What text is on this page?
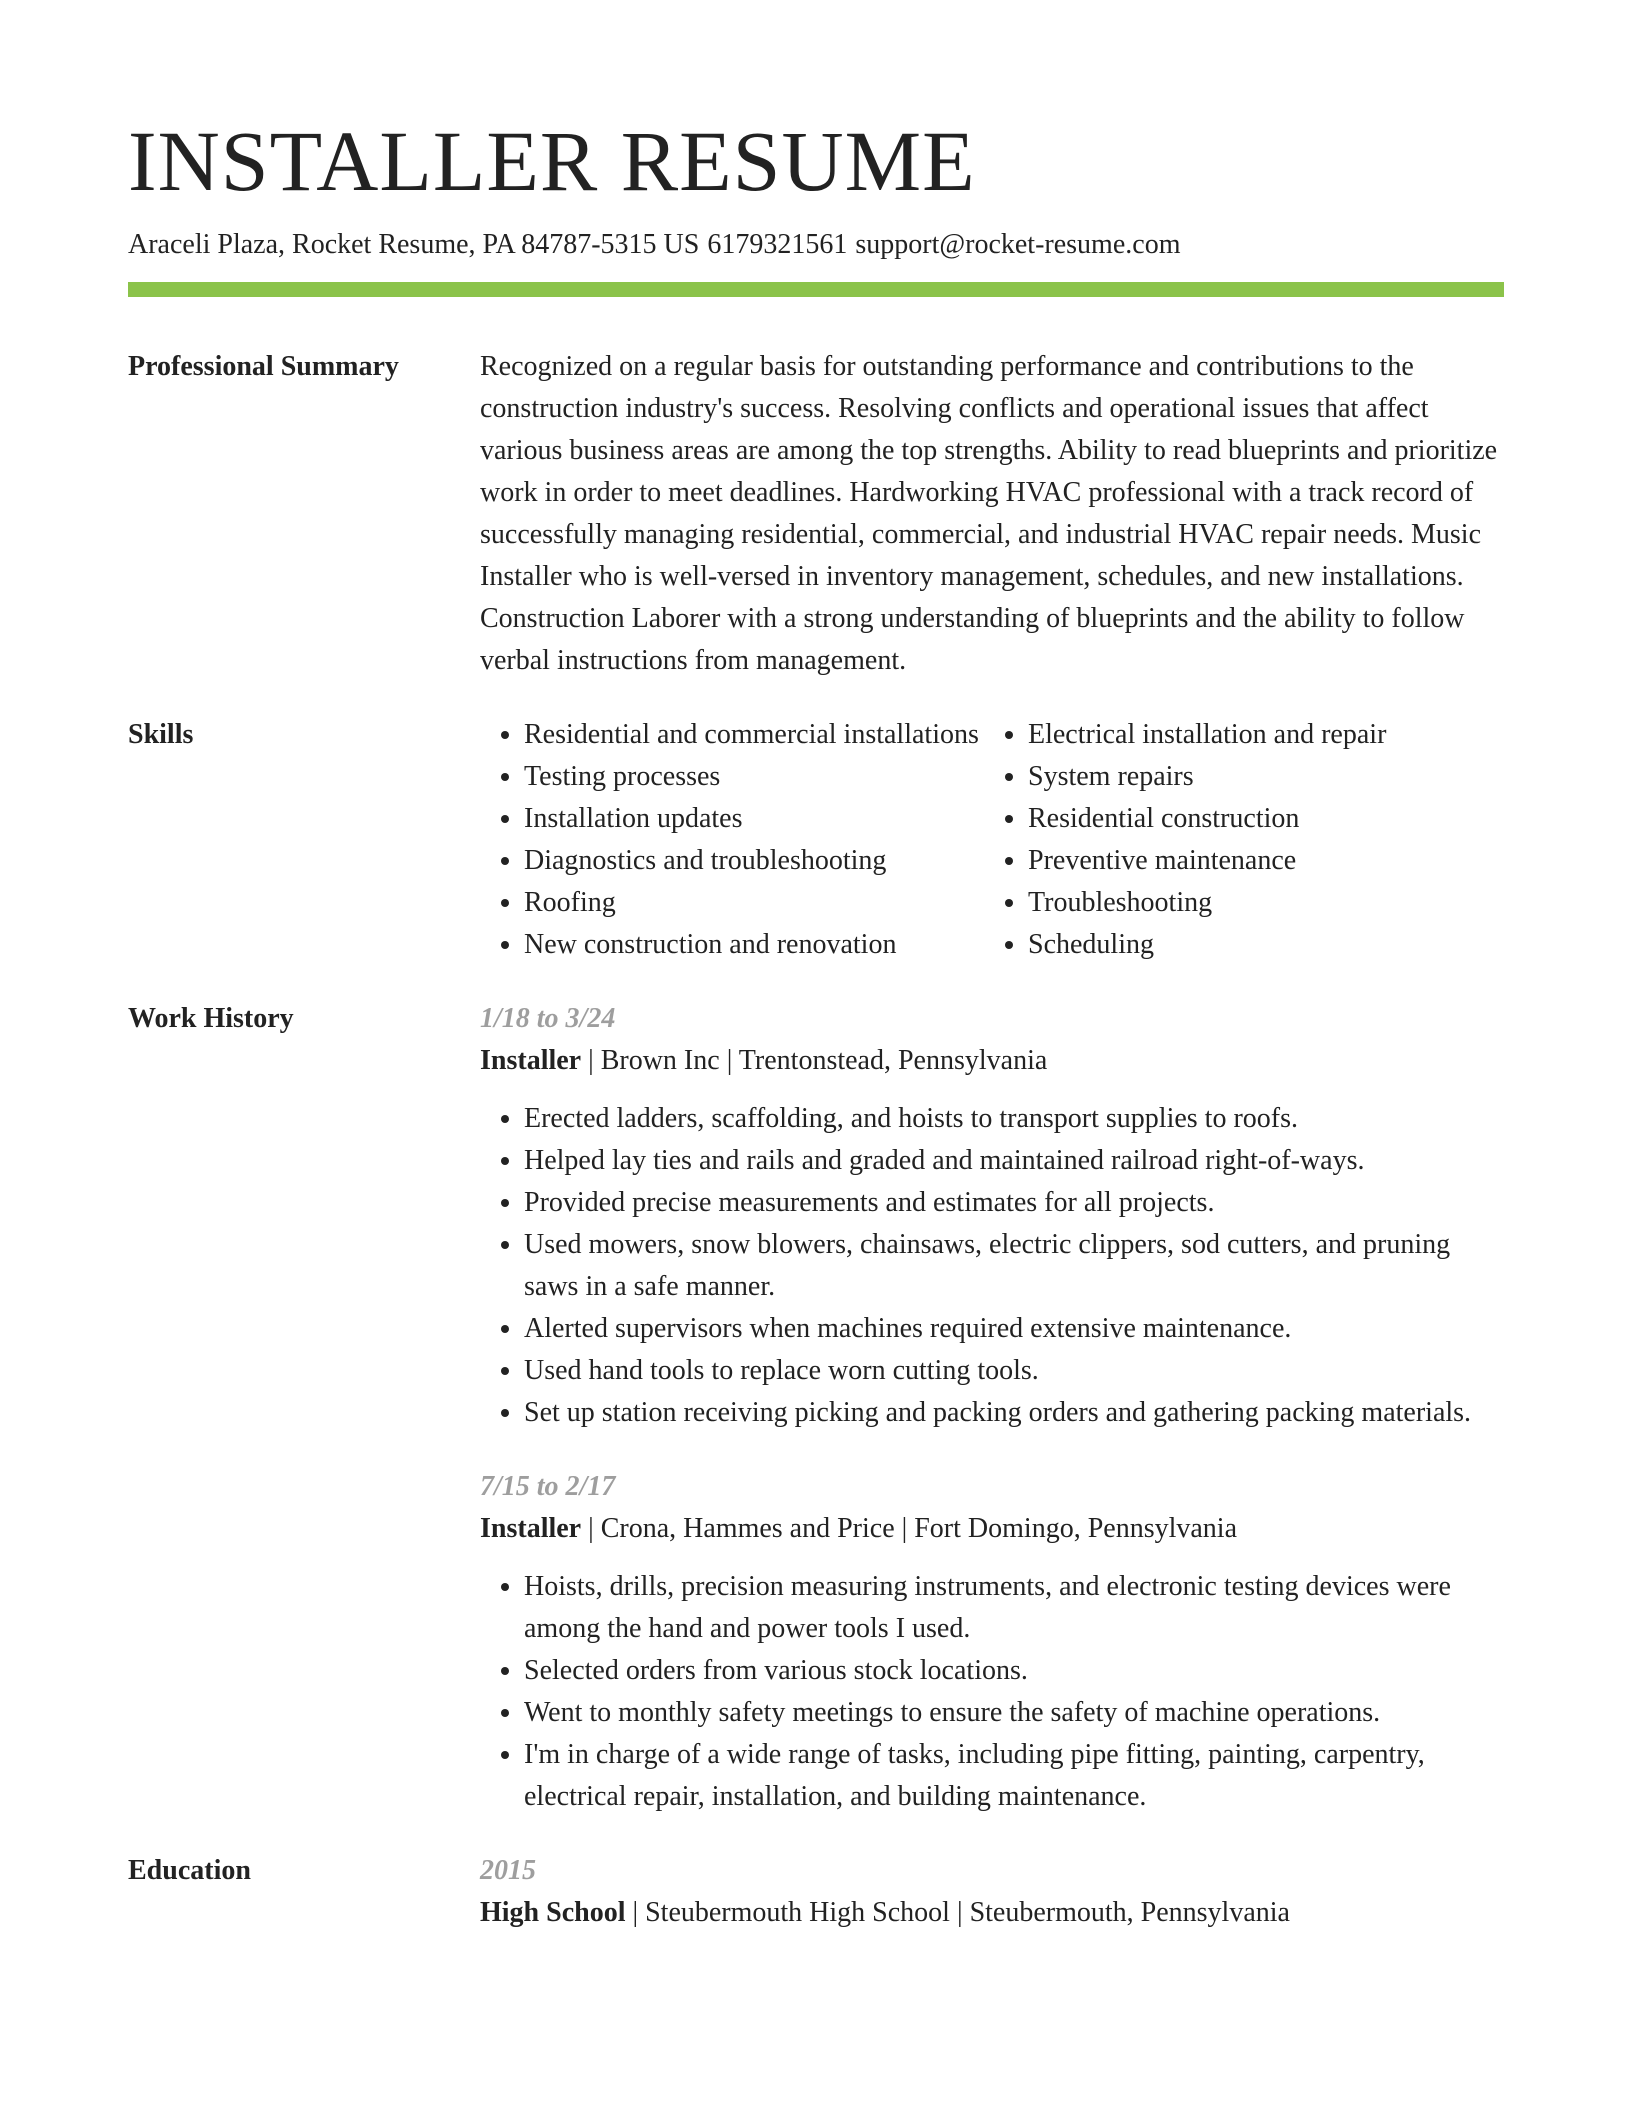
INSTALLER RESUME
Araceli Plaza, Rocket Resume, PA 84787-5315 US 6179321561 support@rocket-resume.com
Professional Summary	Recognized on a regular basis for outstanding performance and contributions to the construction industry's success. Resolving conflicts and operational issues that affect various business areas are among the top strengths. Ability to read blueprints and prioritize work in order to meet deadlines. Hardworking HVAC professional with a track record of successfully managing residential, commercial, and industrial HVAC repair needs. Music Installer who is well-versed in inventory management, schedules, and new installations. Construction Laborer with a strong understanding of blueprints and the ability to follow verbal instructions from management.
Skills
•	Residential and commercial installations
• Testing processes
• Installation updates
• Diagnostics and troubleshooting
• Roofing
• New construction and renovation
• Electrical installation and repair
• System repairs
• Residential construction
• Preventive maintenance
• Troubleshooting
• Scheduling
Work History	1/18 to 3/24
Installer | Brown Inc | Trentonstead, Pennsylvania
• Erected ladders, scaffolding, and hoists to transport supplies to roofs.
• Helped lay ties and rails and graded and maintained railroad right-of-ways.
• Provided precise measurements and estimates for all projects.
• Used mowers, snow blowers, chainsaws, electric clippers, sod cutters, and pruning saws in a safe manner.
• Alerted supervisors when machines required extensive maintenance.
• Used hand tools to replace worn cutting tools.
• Set up station receiving picking and packing orders and gathering packing materials.
7/15 to 2/17
Installer | Crona, Hammes and Price | Fort Domingo, Pennsylvania
• Hoists, drills, precision measuring instruments, and electronic testing devices were among the hand and power tools I used.
• Selected orders from various stock locations.
• Went to monthly safety meetings to ensure the safety of machine operations.
• I'm in charge of a wide range of tasks, including pipe fitting, painting, carpentry, electrical repair, installation, and building maintenance.
Education	2015
High School | Steubermouth High School | Steubermouth, Pennsylvania
